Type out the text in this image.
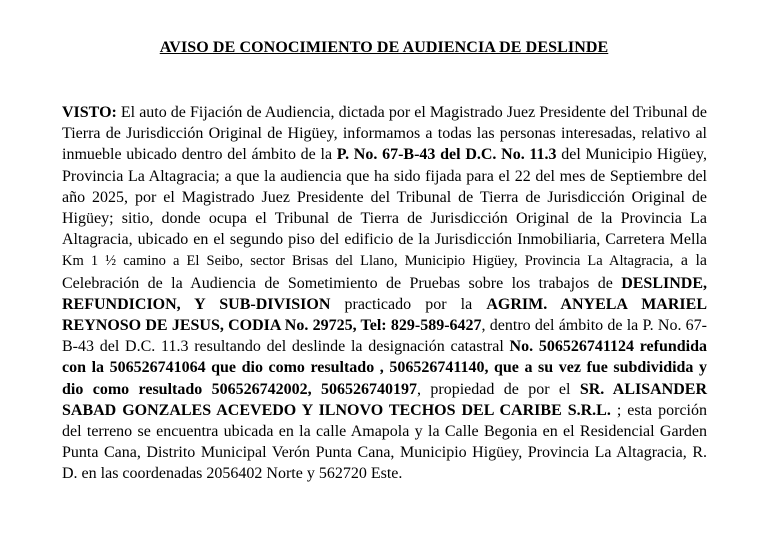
AVISO DE CONOCIMIENTO DE AUDIENCIA DE DESLINDE
VISTO: El auto de Fijación de Audiencia, dictada por el Magistrado Juez Presidente del Tribunal de Tierra de Jurisdicción Original de Higüey, informamos a todas las personas interesadas, relativo al inmueble ubicado dentro del ámbito de la P. No. 67-B-43 del D.C. No. 11.3 del Municipio Higüey, Provincia La Altagracia; a que la audiencia que ha sido fijada para el 22 del mes de Septiembre del año 2025, por el Magistrado Juez Presidente del Tribunal de Tierra de Jurisdicción Original de Higüey; sitio, donde ocupa el Tribunal de Tierra de Jurisdicción Original de la Provincia La Altagracia, ubicado en el segundo piso del edificio de la Jurisdicción Inmobiliaria, Carretera Mella Km 1 ½ camino a El Seibo, sector Brisas del Llano, Municipio Higüey, Provincia La Altagracia, a la Celebración de la Audiencia de Sometimiento de Pruebas sobre los trabajos de DESLINDE, REFUNDICION, Y SUB-DIVISION practicado por la AGRIM. ANYELA MARIEL REYNOSO DE JESUS, CODIA No. 29725, Tel: 829-589-6427, dentro del ámbito de la P. No. 67-B-43 del D.C. 11.3 resultando del deslinde la designación catastral No. 506526741124 refundida con la 506526741064 que dio como resultado , 506526741140, que a su vez fue subdividida y dio como resultado 506526742002, 506526740197, propiedad de por el SR. ALISANDER SABAD GONZALES ACEVEDO Y ILNOVO TECHOS DEL CARIBE S.R.L. ; esta porción del terreno se encuentra ubicada en la calle Amapola y la Calle Begonia en el Residencial Garden Punta Cana, Distrito Municipal Verón Punta Cana, Municipio Higüey, Provincia La Altagracia, R. D. en las coordenadas 2056402 Norte y 562720 Este.
